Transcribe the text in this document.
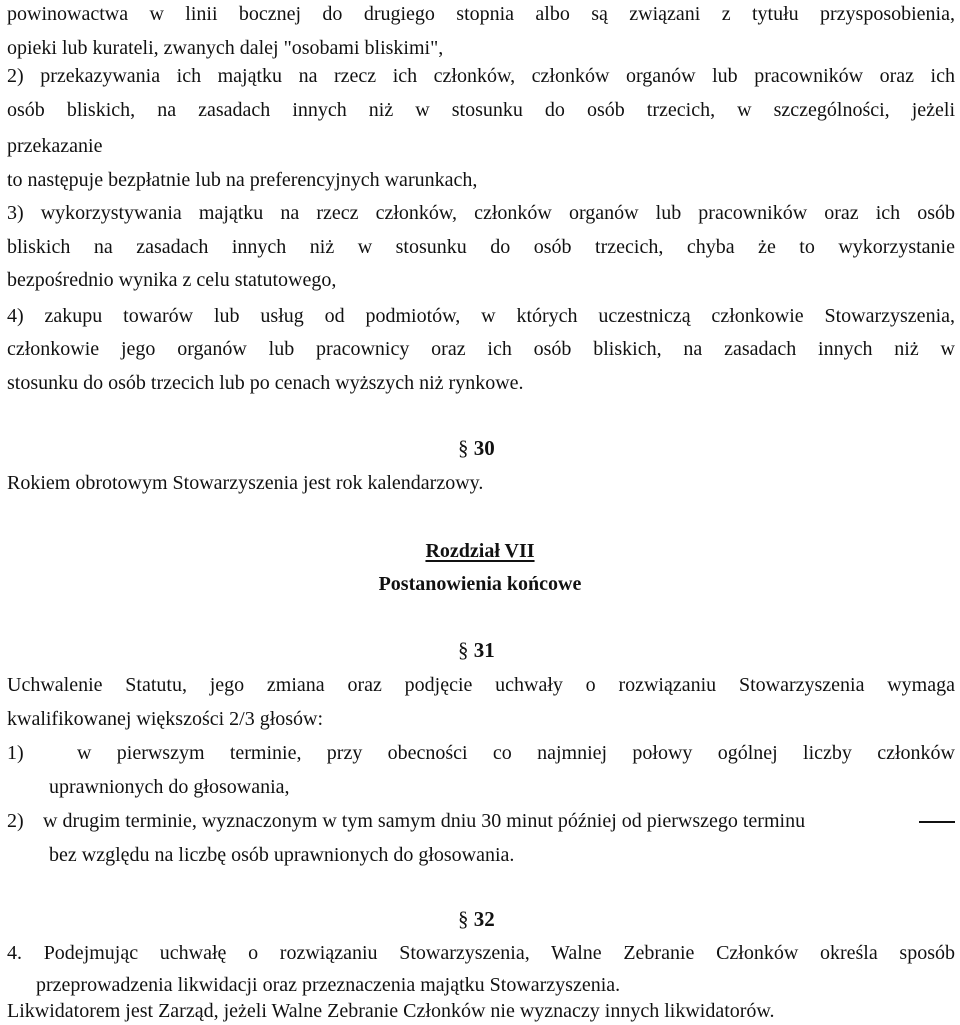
powinowactwa w linii bocznej do drugiego stopnia albo są związani z tytułu przysposobienia,
opieki lub kurateli, zwanych dalej "osobami bliskimi",
2) przekazywania ich majątku na rzecz ich członków, członków organów lub pracowników oraz ich
osób bliskich, na zasadach innych niż w stosunku do osób trzecich, w szczególności, jeżeli
przekazanie
to następuje bezpłatnie lub na preferencyjnych warunkach,
3) wykorzystywania majątku na rzecz członków, członków organów lub pracowników oraz ich osób
bliskich na zasadach innych niż w stosunku do osób trzecich, chyba że to wykorzystanie
bezpośrednio wynika z celu statutowego,
4) zakupu towarów lub usług od podmiotów, w których uczestniczą członkowie Stowarzyszenia,
członkowie jego organów lub pracownicy oraz ich osób bliskich, na zasadach innych niż w
stosunku do osób trzecich lub po cenach wyższych niż rynkowe.
§ 30
Rokiem obrotowym Stowarzyszenia jest rok kalendarzowy.
Rozdział VII
Postanowienia końcowe
§ 31
Uchwalenie Statutu, jego zmiana oraz podjęcie uchwały o rozwiązaniu Stowarzyszenia wymaga
kwalifikowanej większości 2/3 głosów:
1)	w pierwszym terminie, przy obecności co najmniej połowy ogólnej liczby członków
uprawnionych do głosowania,
2) w drugim terminie, wyznaczonym w tym samym dniu 30 minut później od pierwszego terminu
bez względu na liczbę osób uprawnionych do głosowania.
§ 32
4. Podejmując uchwałę o rozwiązaniu Stowarzyszenia, Walne Zebranie Członków określa sposób
przeprowadzenia likwidacji oraz przeznaczenia majątku Stowarzyszenia.
Likwidatorem jest Zarząd, jeżeli Walne Zebranie Członków nie wyznaczy innych likwidatorów.
